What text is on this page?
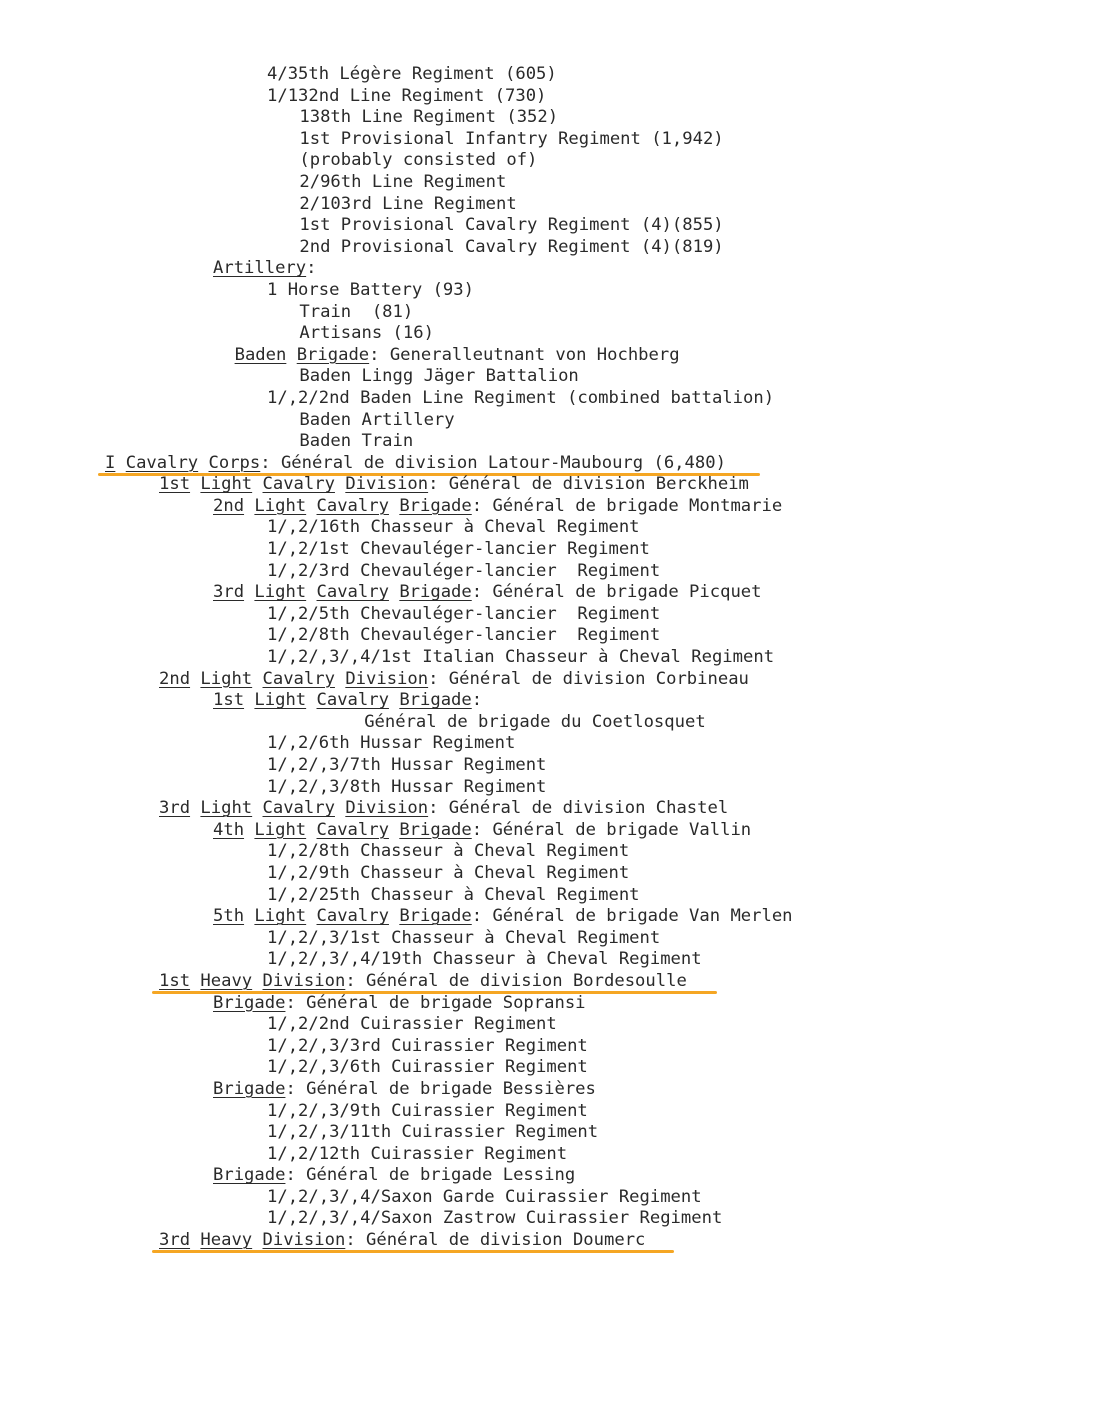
4/35th Légère Regiment (605)
1/132nd Line Regiment (730)
138th Line Regiment (352)
1st Provisional Infantry Regiment (1,942)
(probably consisted of)
2/96th Line Regiment
2/103rd Line Regiment
1st Provisional Cavalry Regiment (4)(855)
2nd Provisional Cavalry Regiment (4)(819)
Artillery:
1 Horse Battery (93)
Train  (81)
Artisans (16)
Baden Brigade: Generalleutnant von Hochberg
Baden Lingg Jäger Battalion
1/,2/2nd Baden Line Regiment (combined battalion)
Baden Artillery
Baden Train
I Cavalry Corps: Général de division Latour-Maubourg (6,480)
1st Light Cavalry Division: Général de division Berckheim
2nd Light Cavalry Brigade: Général de brigade Montmarie
1/,2/16th Chasseur à Cheval Regiment
1/,2/1st Chevauléger-lancier Regiment
1/,2/3rd Chevauléger-lancier  Regiment
3rd Light Cavalry Brigade: Général de brigade Picquet
1/,2/5th Chevauléger-lancier  Regiment
1/,2/8th Chevauléger-lancier  Regiment
1/,2/,3/,4/1st Italian Chasseur à Cheval Regiment
2nd Light Cavalry Division: Général de division Corbineau
1st Light Cavalry Brigade:
Général de brigade du Coetlosquet
1/,2/6th Hussar Regiment
1/,2/,3/7th Hussar Regiment
1/,2/,3/8th Hussar Regiment
3rd Light Cavalry Division: Général de division Chastel
4th Light Cavalry Brigade: Général de brigade Vallin
1/,2/8th Chasseur à Cheval Regiment
1/,2/9th Chasseur à Cheval Regiment
1/,2/25th Chasseur à Cheval Regiment
5th Light Cavalry Brigade: Général de brigade Van Merlen
1/,2/,3/1st Chasseur à Cheval Regiment
1/,2/,3/,4/19th Chasseur à Cheval Regiment
1st Heavy Division: Général de division Bordesoulle
Brigade: Général de brigade Sopransi
1/,2/2nd Cuirassier Regiment
1/,2/,3/3rd Cuirassier Regiment
1/,2/,3/6th Cuirassier Regiment
Brigade: Général de brigade Bessières
1/,2/,3/9th Cuirassier Regiment
1/,2/,3/11th Cuirassier Regiment
1/,2/12th Cuirassier Regiment
Brigade: Général de brigade Lessing
1/,2/,3/,4/Saxon Garde Cuirassier Regiment
1/,2/,3/,4/Saxon Zastrow Cuirassier Regiment
3rd Heavy Division: Général de division Doumerc
